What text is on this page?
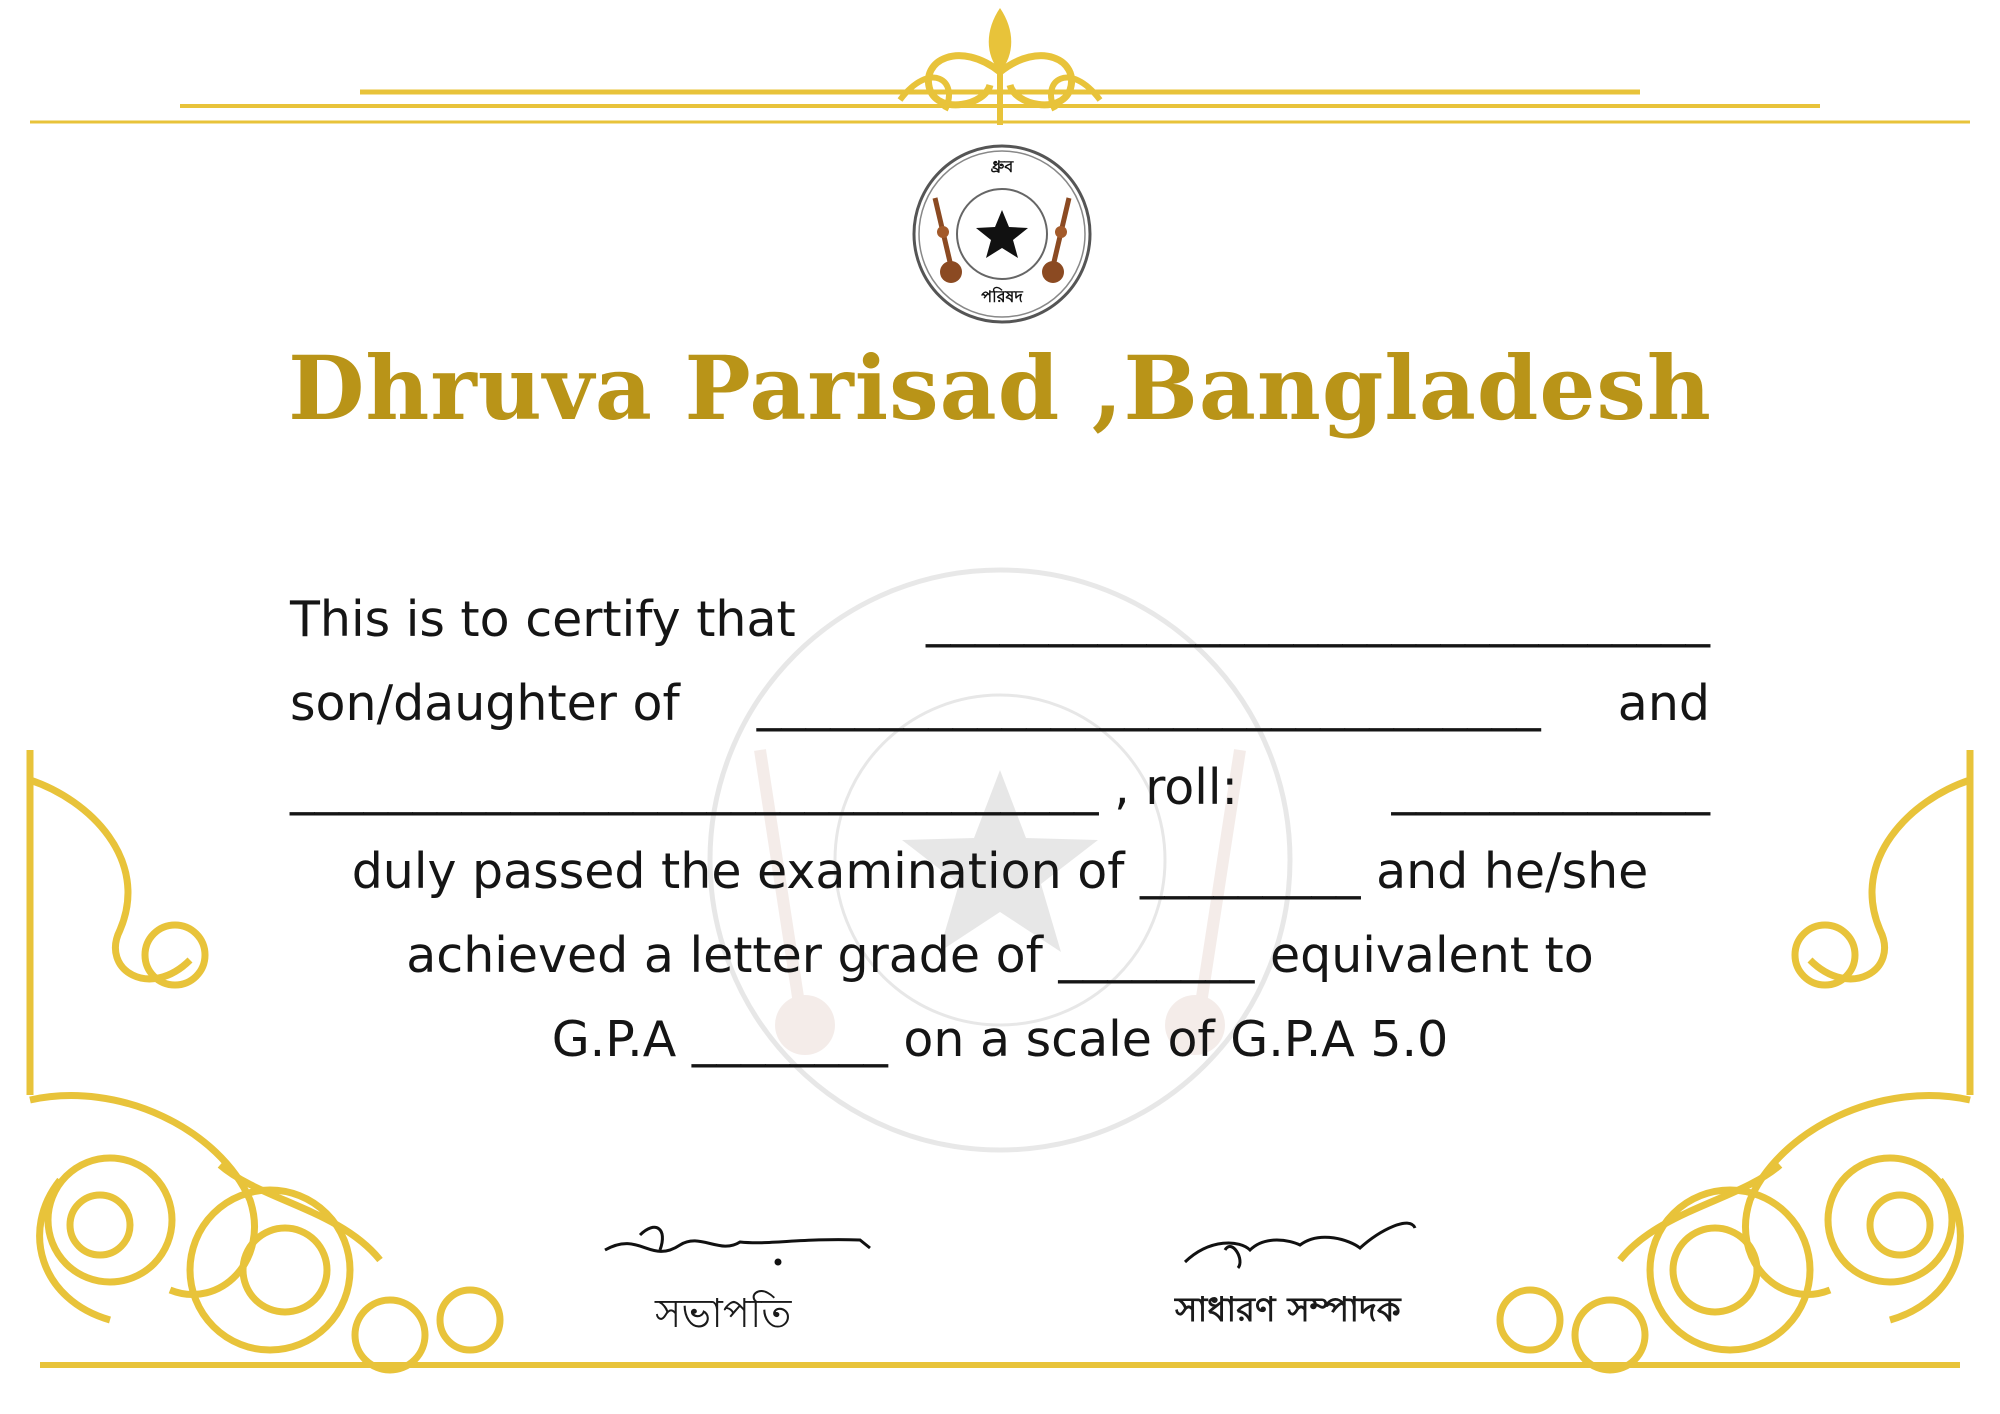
ধ্রুব
পরিষদ
Dhruva Parisad ,Bangladesh
This is to certify that	________________________________
son/daughter of ________________________________ and
_________________________________ , roll:	_____________
duly passed the examination of _________ and he/she
achieved a letter grade of ________ equivalent to
G.P.A ________ on a scale of G.P.A 5.0
সভাপতি	সাধারণ সম্পাদক
